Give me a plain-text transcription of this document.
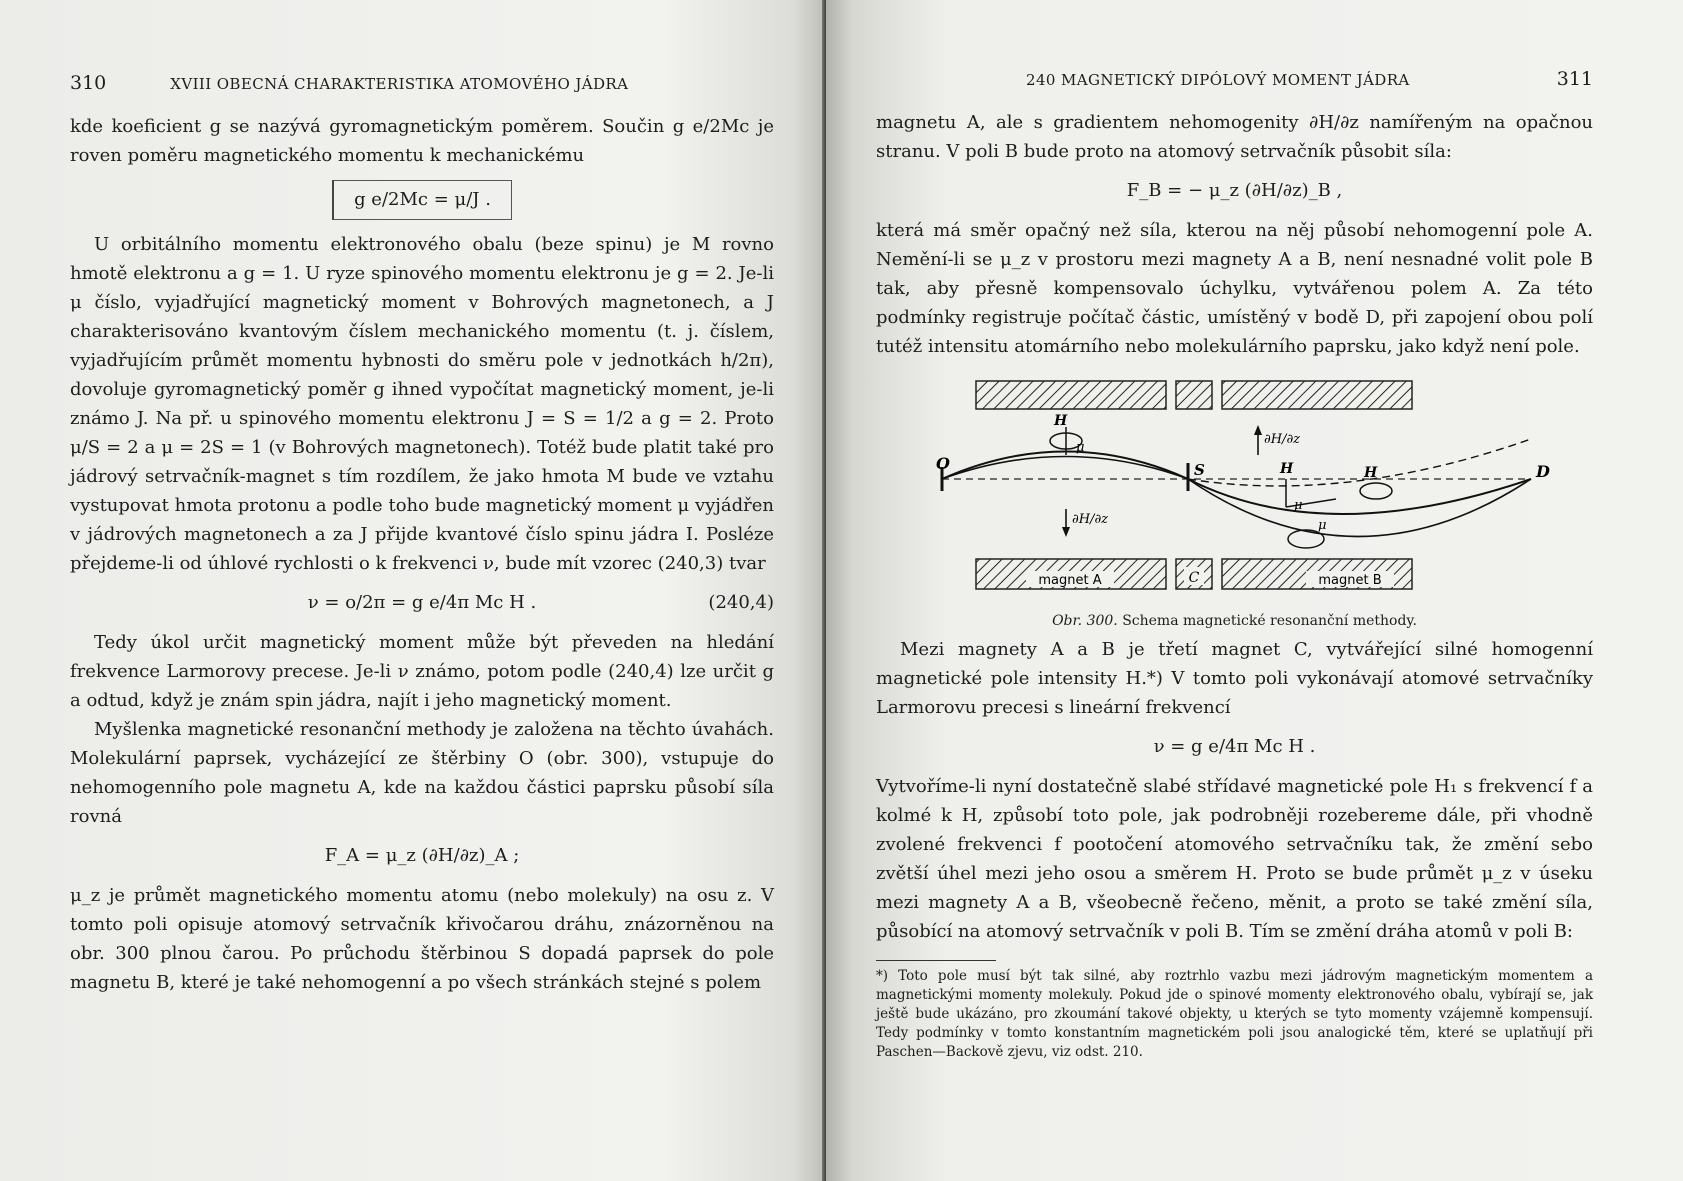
310	XVIII OBECNÁ CHARAKTERISTIKA ATOMOVÉHO JÁDRA

kde koeficient g se nazývá gyromagnetickým poměrem. Součin g e/2Mc je roven poměru magnetického momentu k mechanickému

g e/2Mc = μ/J .

U orbitálního momentu elektronového obalu (beze spinu) je M rovno hmotě elektronu a g = 1. U ryze spinového momentu elektronu je g = 2. Je-li μ číslo, vyjadřující magnetický moment v Bohrových magnetonech, a J charakterisováno kvantovým číslem mechanického momentu (t. j. číslem, vyjadřujícím průmět momentu hybnosti do směru pole v jednotkách h/2π), dovoluje gyromagnetický poměr g ihned vypočítat magnetický moment, je-li známo J. Na př. u spinového momentu elektronu J = S = 1/2 a g = 2. Proto μ/S = 2 a μ = 2S = 1 (v Bohrových magnetonech). Totéž bude platit také pro jádrový setrvačník-magnet s tím rozdílem, že jako hmota M bude ve vztahu vystupovat hmota protonu a podle toho bude magnetický moment μ vyjádřen v jádrových magnetonech a za J přijde kvantové číslo spinu jádra I. Posléze přejdeme-li od úhlové rychlosti o k frekvenci ν, bude mít vzorec (240,3) tvar

ν = o/2π = g e/4π Mc H .	(240,4)

Tedy úkol určit magnetický moment může být převeden na hledání frekvence Larmorovy precese. Je-li ν známo, potom podle (240,4) lze určit g a odtud, když je znám spin jádra, najít i jeho magnetický moment.

Myšlenka magnetické resonanční methody je založena na těchto úvahách. Molekulární paprsek, vycházející ze štěrbiny O (obr. 300), vstupuje do nehomogenního pole magnetu A, kde na každou částici paprsku působí síla rovná

F_A = μ_z (∂H/∂z)_A ;

μ_z je průmět magnetického momentu atomu (nebo molekuly) na osu z. V tomto poli opisuje atomový setrvačník křivočarou dráhu, znázorněnou na obr. 300 plnou čarou. Po průchodu štěrbinou S dopadá paprsek do pole magnetu B, které je také nehomogenní a po všech stránkách stejné s polem

240 MAGNETICKÝ DIPÓLOVÝ MOMENT JÁDRA	311

magnetu A, ale s gradientem nehomogenity ∂H/∂z namířeným na opačnou stranu. V poli B bude proto na atomový setrvačník působit síla:

F_B = − μ_z (∂H/∂z)_B ,

která má směr opačný než síla, kterou na něj působí nehomogenní pole A. Nemění-li se μ_z v prostoru mezi magnety A a B, není nesnadné volit pole B tak, aby přesně kompensovalo úchylku, vytvářenou polem A. Za této podmínky registruje počítač částic, umístěný v bodě D, při zapojení obou polí tutéž intensitu atomárního nebo molekulárního paprsku, jako když není pole.

magnet A	magnet B
C
O	S	D
H
μ
H
μ
H
μ
∂H/∂z
∂H/∂z
Obr. 300. Schema magnetické resonanční methody.

Mezi magnety A a B je třetí magnet C, vytvářející silné homogenní magnetické pole intensity H.*) V tomto poli vykonávají atomové setrvačníky Larmorovu precesi s lineární frekvencí

ν = g e/4π Mc H .

Vytvoříme-li nyní dostatečně slabé střídavé magnetické pole H₁ s frekvencí f a kolmé k H, způsobí toto pole, jak podrobněji rozebereme dále, při vhodně zvolené frekvenci f pootočení atomového setrvačníku tak, že změní sebo zvětší úhel mezi jeho osou a směrem H. Proto se bude průmět μ_z v úseku mezi magnety A a B, všeobecně řečeno, měnit, a proto se také změní síla, působící na atomový setrvačník v poli B. Tím se změní dráha atomů v poli B:

*) Toto pole musí být tak silné, aby roztrhlo vazbu mezi jádrovým magnetickým momentem a magnetickými momenty molekuly. Pokud jde o spinové momenty elektronového obalu, vybírají se, jak ještě bude ukázáno, pro zkoumání takové objekty, u kterých se tyto momenty vzájemně kompensují. Tedy podmínky v tomto konstantním magnetickém poli jsou analogické těm, které se uplatňují při Paschen—Backově zjevu, viz odst. 210.
